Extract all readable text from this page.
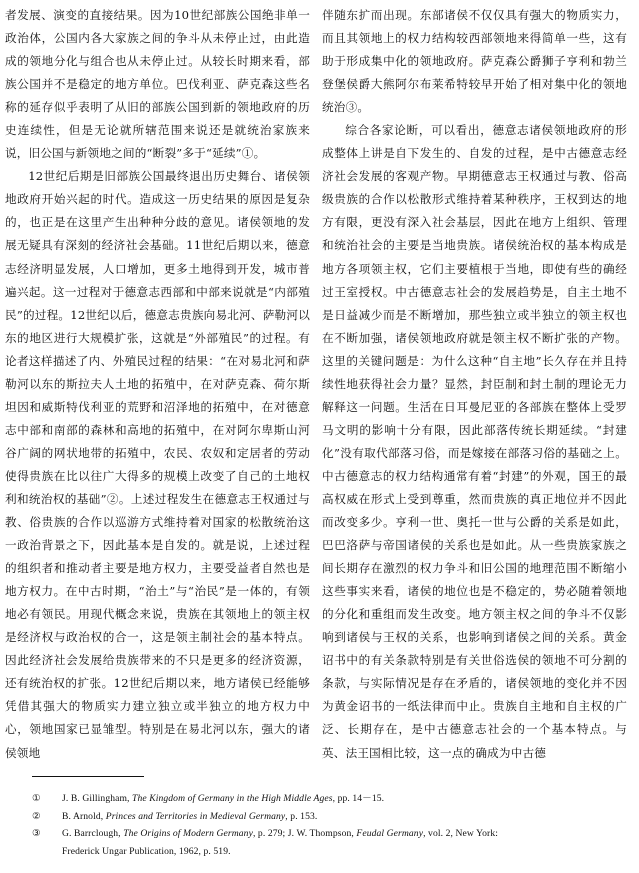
者发展、演变的直接结果。因为10世纪部族公国绝非单一政治体，公国内各大家族之间的争斗从未停止过，由此造成的领地分化与组合也从未停止过。从较长时期来看，部族公国并不是稳定的地方单位。巴伐利亚、萨克森这些名称的延存似乎表明了从旧的部族公国到新的领地政府的历史连续性，但是无论就所辖范围来说还是就统治家族来说，旧公国与新领地之间的“断裂”多于“延续”①。

12世纪后期是旧部族公国最终退出历史舞台、诸侯领地政府开始兴起的时代。造成这一历史结果的原因是复杂的，也正是在这里产生出种种分歧的意见。诸侯领地的发展无疑具有深刻的经济社会基础。11世纪后期以来，德意志经济明显发展，人口增加，更多土地得到开发，城市普遍兴起。这一过程对于德意志西部和中部来说就是“内部殖民”的过程。12世纪以后，德意志贵族向易北河、萨勒河以东的地区进行大规模扩张，这就是“外部殖民”的过程。有论者这样描述了内、外殖民过程的结果：“在对易北河和萨勒河以东的斯拉夫人土地的拓殖中，在对萨克森、荷尔斯坦因和威斯特伐利亚的荒野和沼泽地的拓殖中，在对德意志中部和南部的森林和高地的拓殖中，在对阿尔卑斯山河谷广阔的网状地带的拓殖中，农民、农奴和定居者的劳动使得贵族在比以往广大得多的规模上改变了自己的土地权利和统治权的基础”②。上述过程发生在德意志王权通过与教、俗贵族的合作以巡游方式维持着对国家的松散统治这一政治背景之下，因此基本是自发的。就是说，上述过程的组织者和推动者主要是地方权力，主要受益者自然也是地方权力。在中古时期，“治土”与“治民”是一体的，有领地必有领民。用现代概念来说，贵族在其领地上的领主权是经济权与政治权的合一，这是领主制社会的基本特点。因此经济社会发展给贵族带来的不只是更多的经济资源，还有统治权的扩张。12世纪后期以来，地方诸侯已经能够凭借其强大的物质实力建立独立或半独立的地方权力中心，领地国家已显雏型。特别是在易北河以东，强大的诸侯领地

伴随东扩而出现。东部诸侯不仅仅具有强大的物质实力，而且其领地上的权力结构较西部领地来得简单一些，这有助于形成集中化的领地政府。萨克森公爵狮子亨利和勃兰登堡侯爵大熊阿尔布莱希特较早开始了相对集中化的领地统治③。

综合各家论断，可以看出，德意志诸侯领地政府的形成整体上讲是自下发生的、自发的过程，是中古德意志经济社会发展的客观产物。早期德意志王权通过与教、俗高级贵族的合作以松散形式维持着某种秩序，王权到达的地方有限，更没有深入社会基层，因此在地方上组织、管理和统治社会的主要是当地贵族。诸侯统治权的基本构成是地方各项领主权，它们主要植根于当地，即使有些的确经过王室授权。中古德意志社会的发展趋势是，自主土地不是日益减少而是不断增加，那些独立或半独立的领主权也在不断加强，诸侯领地政府就是领主权不断扩张的产物。这里的关键问题是：为什么这种“自主地”长久存在并且持续性地获得社会力量？显然，封臣制和封土制的理论无力解释这一问题。生活在日耳曼尼亚的各部族在整体上受罗马文明的影响十分有限，因此部落传统长期延续。“封建化”没有取代部落习俗，而是嫁接在部落习俗的基础之上。中古德意志的权力结构通常有着“封建”的外观，国王的最高权威在形式上受到尊重，然而贵族的真正地位并不因此而改变多少。亨利一世、奥托一世与公爵的关系是如此，巴巴洛萨与帝国诸侯的关系也是如此。从一些贵族家族之间长期存在激烈的权力争斗和旧公国的地理范围不断缩小这些事实来看，诸侯的地位也是不稳定的，势必随着领地的分化和重组而发生改变。地方领主权之间的争斗不仅影响到诸侯与王权的关系，也影响到诸侯之间的关系。黄金诏书中的有关条款特别是有关世俗选侯的领地不可分割的条款，与实际情况是存在矛盾的，诸侯领地的变化并不因为黄金诏书的一纸法律而中止。贵族自主地和自主权的广泛、长期存在，是中古德意志社会的一个基本特点。与英、法王国相比较，这一点的确成为中古德

①	J. B. Gillingham, The Kingdom of Germany in the High Middle Ages, pp. 14－15.
②	B. Arnold, Princes and Territories in Medieval Germany, p. 153.
③	G. Barrclough, The Origins of Modern Germany, p. 279; J. W. Thompson, Feudal Germany, vol. 2, New York:
Frederick Ungar Publication, 1962, p. 519.
